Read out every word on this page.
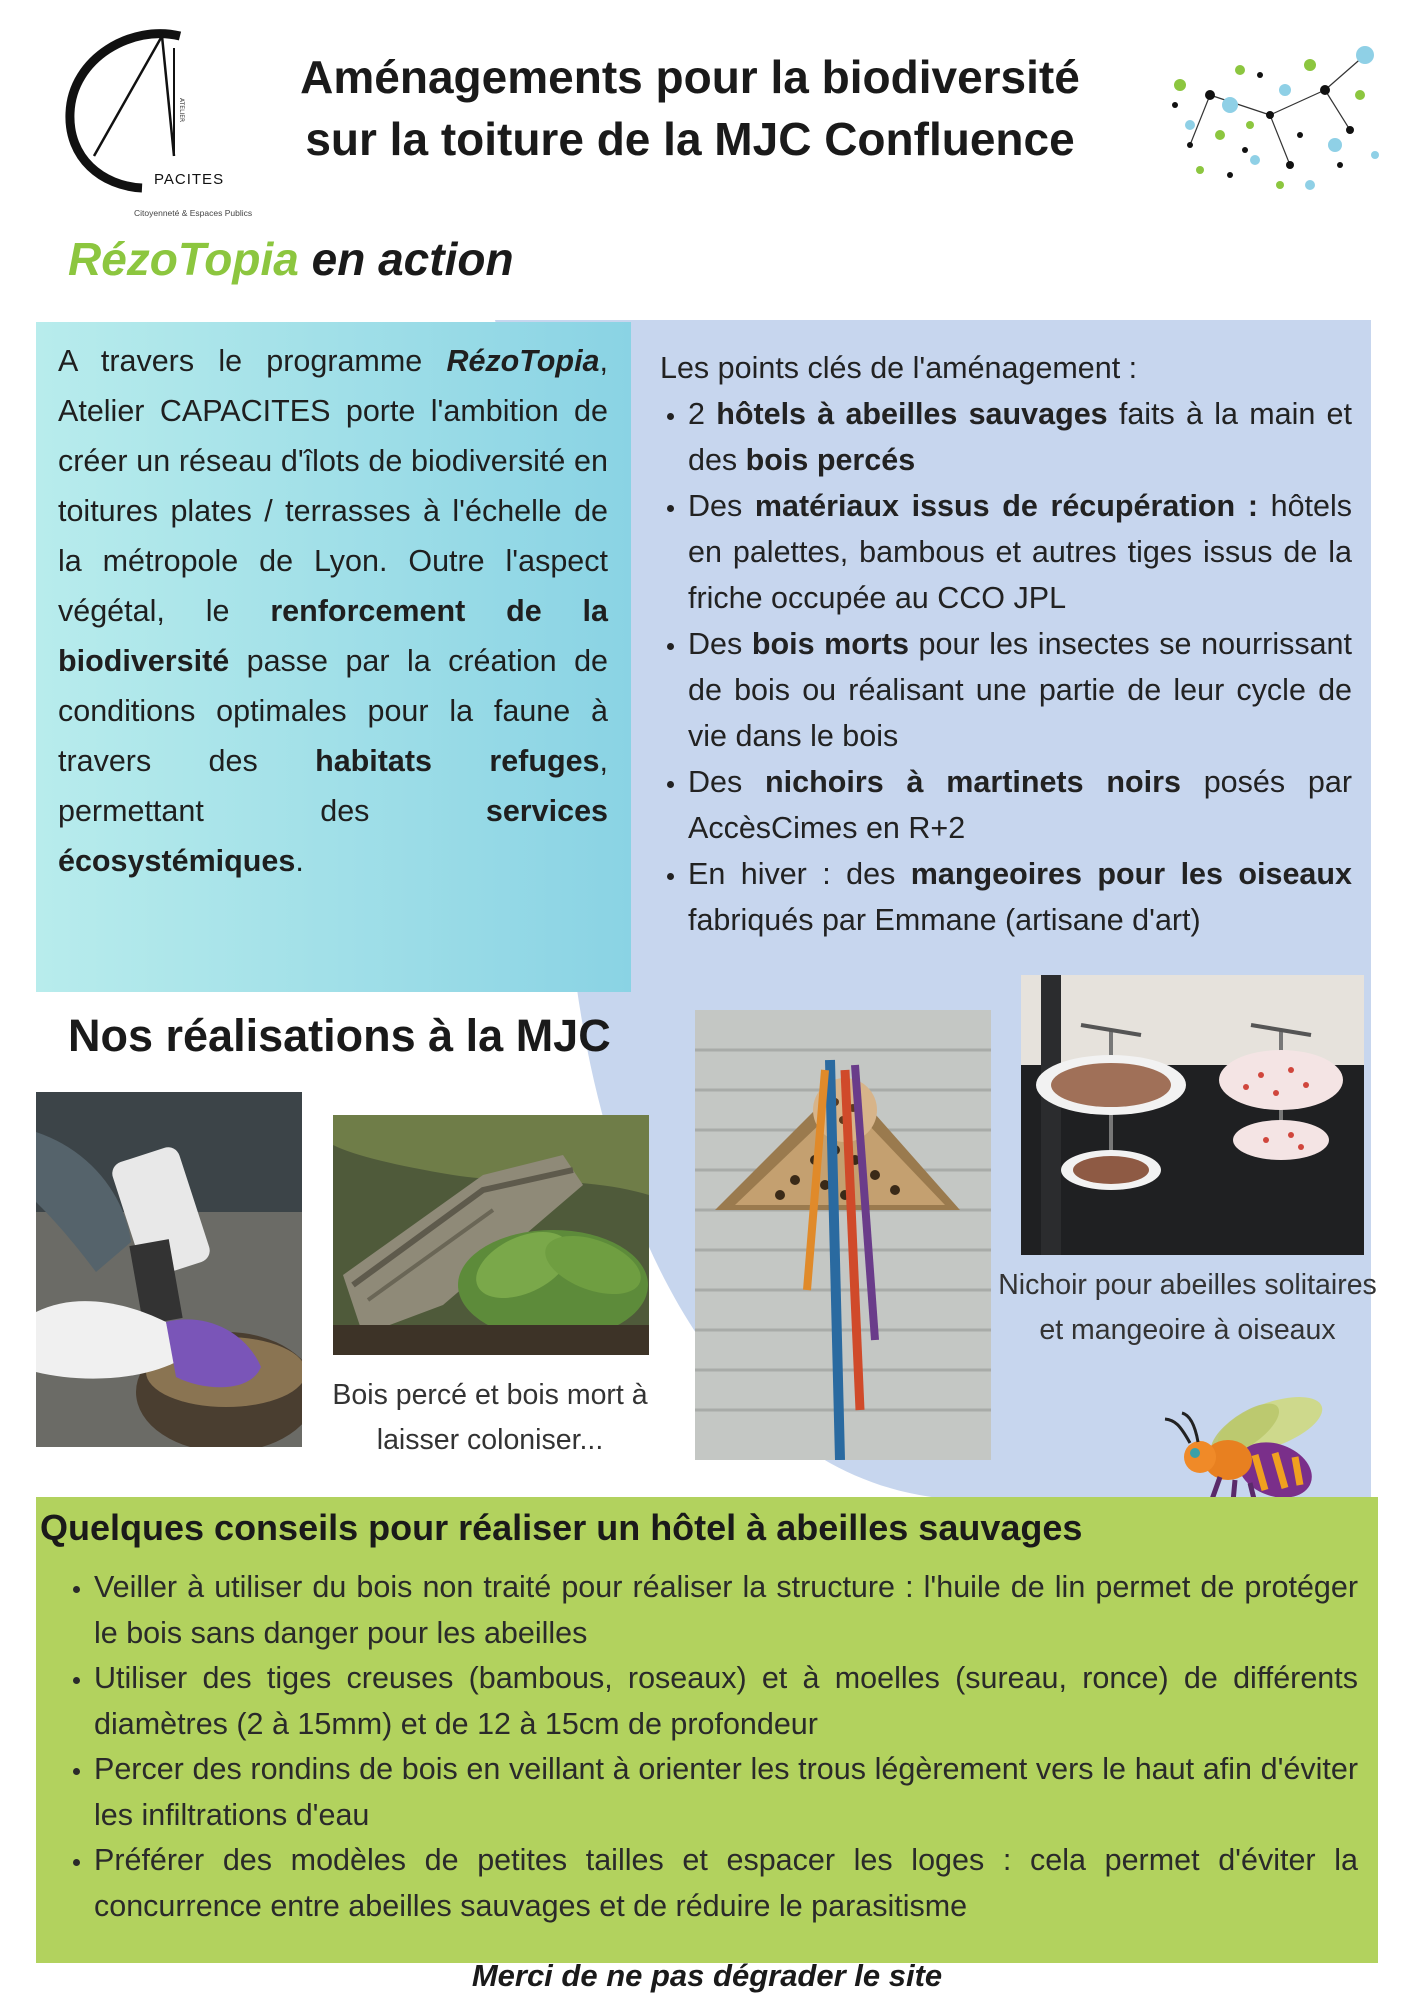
ATELIER
PACITES
Citoyenneté & Espaces Publics
Aménagements pour la biodiversité
sur la toiture de la MJC Confluence
RézoTopia en action
A travers le programme RézoTopia, Atelier CAPACITES porte l'ambition de créer un réseau d'îlots de biodiversité en toitures plates / terrasses à l'échelle de la métropole de Lyon. Outre l'aspect végétal, le renforcement de la biodiversité passe par la création de conditions optimales pour la faune à travers des habitats refuges, permettant des services écosystémiques.
Les points clés de l'aménagement :
• 2 hôtels à abeilles sauvages faits à la main et des bois percés
• Des matériaux issus de récupération : hôtels en palettes, bambous et autres tiges issus de la friche occupée au CCO JPL
• Des bois morts pour les insectes se nourrissant de bois ou réalisant une partie de leur cycle de vie dans le bois
• Des nichoirs à martinets noirs posés par AccèsCimes en R+2
• En hiver : des mangeoires pour les oiseaux fabriqués par Emmane (artisane d'art)
Nos réalisations à la MJC
Bois percé et bois mort à laisser coloniser...
Nichoir pour abeilles solitaires et mangeoire à oiseaux
Quelques conseils pour réaliser un hôtel à abeilles sauvages
• Veiller à utiliser du bois non traité pour réaliser la structure : l'huile de lin permet de protéger le bois sans danger pour les abeilles
• Utiliser des tiges creuses (bambous, roseaux) et à moelles (sureau, ronce) de différents diamètres (2 à 15mm) et de 12 à 15cm de profondeur
• Percer des rondins de bois en veillant à orienter les trous légèrement vers le haut afin d'éviter les infiltrations d'eau
• Préférer des modèles de petites tailles et espacer les loges : cela permet d'éviter la concurrence entre abeilles sauvages et de réduire le parasitisme
Merci de ne pas dégrader le site
